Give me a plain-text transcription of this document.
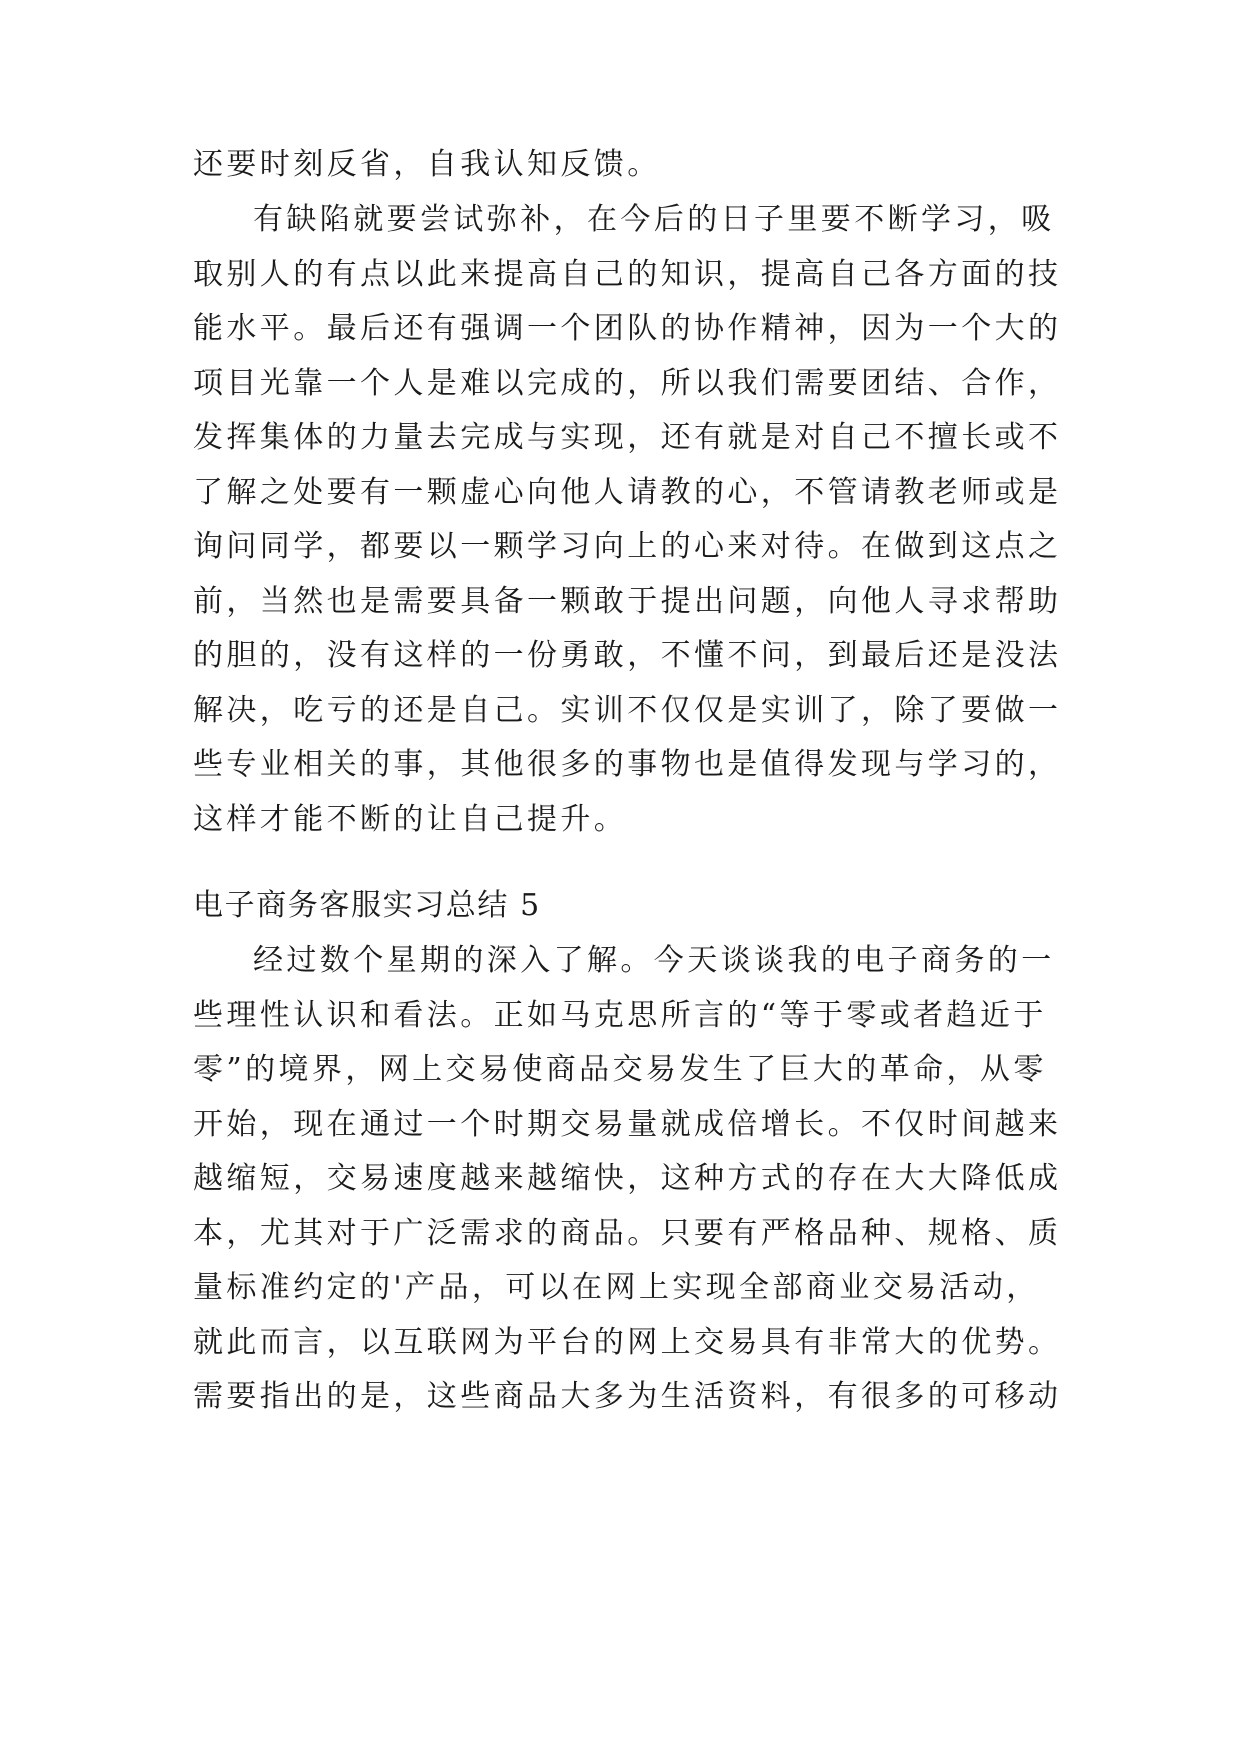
还要时刻反省，自我认知反馈。
有缺陷就要尝试弥补，在今后的日子里要不断学习，吸
取别人的有点以此来提高自己的知识，提高自己各方面的技
能水平。最后还有强调一个团队的协作精神，因为一个大的
项目光靠一个人是难以完成的，所以我们需要团结、合作，
发挥集体的力量去完成与实现，还有就是对自己不擅长或不
了解之处要有一颗虚心向他人请教的心，不管请教老师或是
询问同学，都要以一颗学习向上的心来对待。在做到这点之
前，当然也是需要具备一颗敢于提出问题，向他人寻求帮助
的胆的，没有这样的一份勇敢，不懂不问，到最后还是没法
解决，吃亏的还是自己。实训不仅仅是实训了，除了要做一
些专业相关的事，其他很多的事物也是值得发现与学习的，
这样才能不断的让自己提升。
电子商务客服实习总结 5
经过数个星期的深入了解。今天谈谈我的电子商务的一
些理性认识和看法。正如马克思所言的“等于零或者趋近于
零”的境界，网上交易使商品交易发生了巨大的革命，从零
开始，现在通过一个时期交易量就成倍增长。不仅时间越来
越缩短，交易速度越来越缩快，这种方式的存在大大降低成
本，尤其对于广泛需求的商品。只要有严格品种、规格、质
量标准约定的'产品，可以在网上实现全部商业交易活动，
就此而言，以互联网为平台的网上交易具有非常大的优势。
需要指出的是，这些商品大多为生活资料，有很多的可移动
